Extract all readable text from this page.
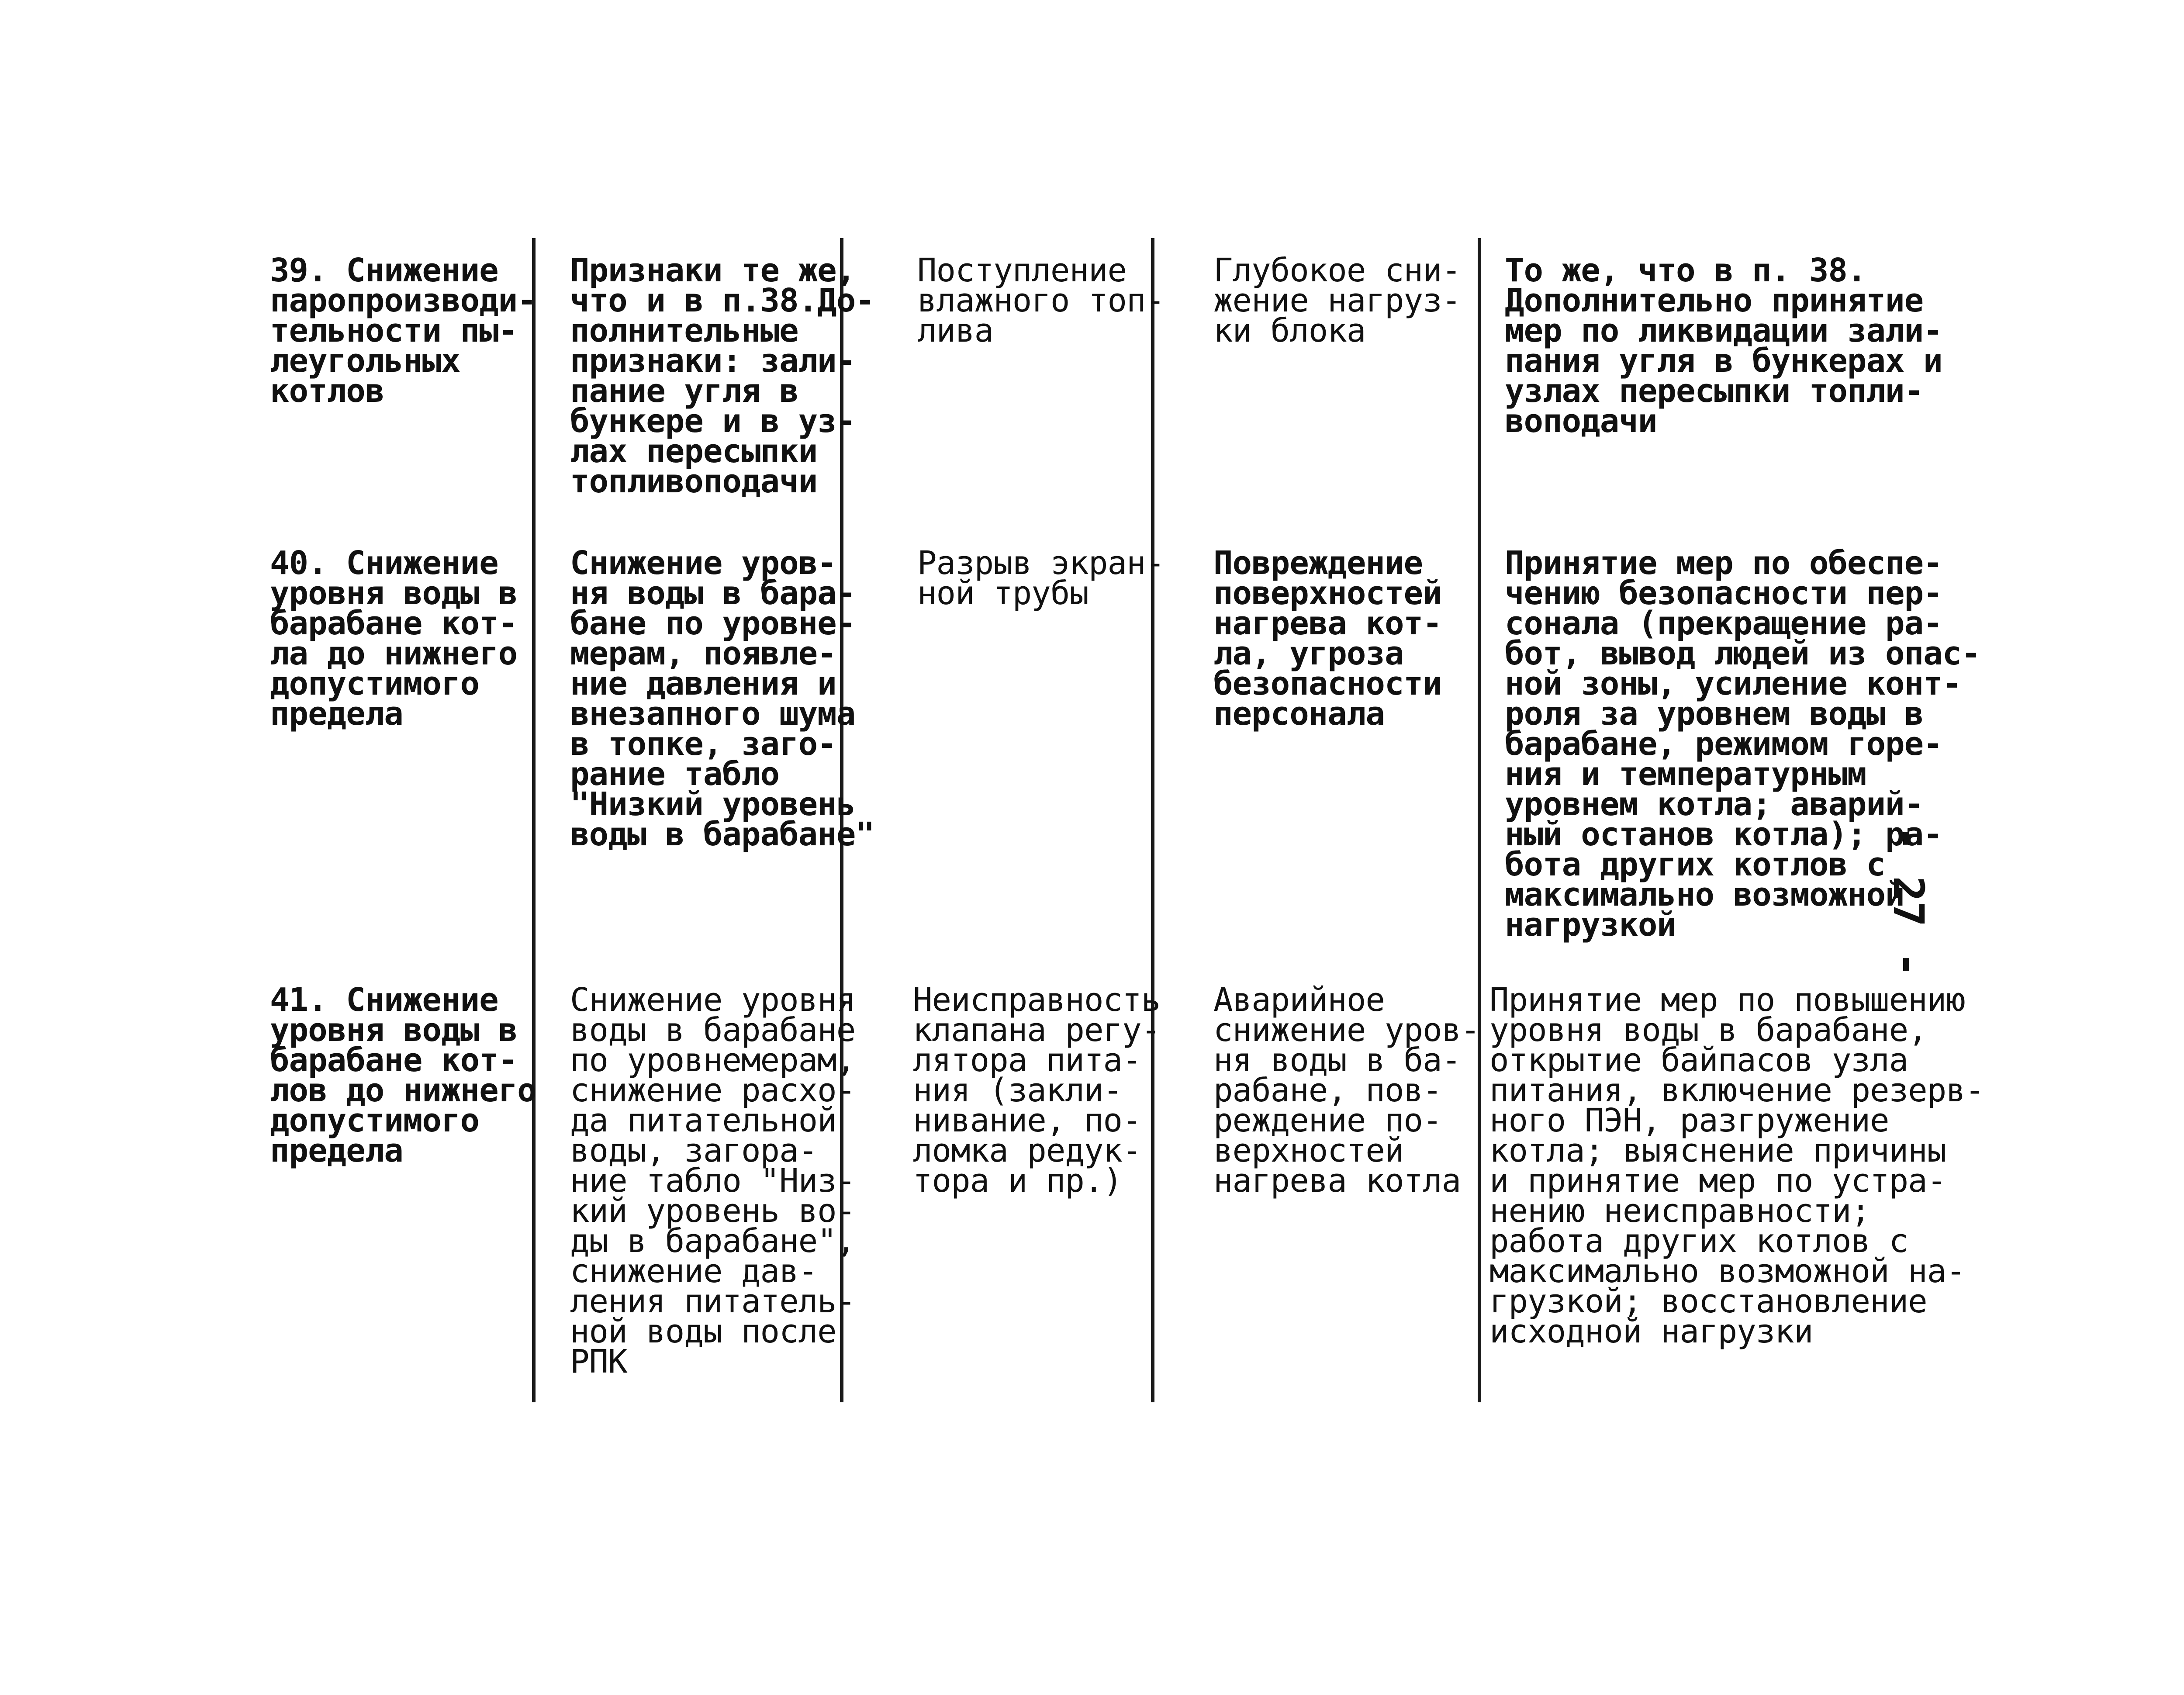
39. Снижение
паропроизводи-
тельности пы-
леугольных
котлов
Признаки те же,
что и в п.38.До-
полнительные
признаки: зали-
пание угля в
бункере и в уз-
лах пересыпки
топливоподачи
Поступление
влажного топ-
лива
Глубокое сни-
жение нагруз-
ки блока
То же, что в п. 38.
Дополнительно принятие
мер по ликвидации зали-
пания угля в бункерах и
узлах пересыпки топли-
воподачи
40. Снижение
уровня воды в
барабане кот-
ла до нижнего
допустимого
предела
Снижение уров-
ня воды в бара-
бане по уровне-
мерам, появле-
ние давления и
внезапного шума
в топке, заго-
рание табло
"Низкий уровень
воды в барабане"
Разрыв экран-
ной трубы
Повреждение
поверхностей
нагрева кот-
ла, угроза
безопасности
персонала
Принятие мер по обеспе-
чению безопасности пер-
сонала (прекращение ра-
бот, вывод людей из опас-
ной зоны, усиление конт-
роля за уровнем воды в
барабане, режимом горе-
ния и температурным
уровнем котла; аварий-
ный останов котла); ра-
бота других котлов с
максимально возможной
нагрузкой
41. Снижение
уровня воды в
барабане кот-
лов до нижнего
допустимого
предела
Снижение уровня
воды в барабане
по уровнемерам,
снижение расхо-
да питательной
воды, загора-
ние табло "Низ-
кий уровень во-
ды в барабане",
снижение дав-
ления питатель-
ной воды после
РПК
Неисправность
клапана регу-
лятора пита-
ния (закли-
нивание, по-
ломка редук-
тора и пр.)
Аварийное
снижение уров-
ня воды в ба-
рабане, пов-
реждение по-
верхностей
нагрева котла
Принятие мер по повышению
уровня воды в барабане,
открытие байпасов узла
питания, включение резерв-
ного ПЭН, разгружение
котла; выяснение причины
и принятие мер по устра-
нению неисправности;
работа других котлов с
максимально возможной на-
грузкой; восстановление
исходной нагрузки
- 27 -
